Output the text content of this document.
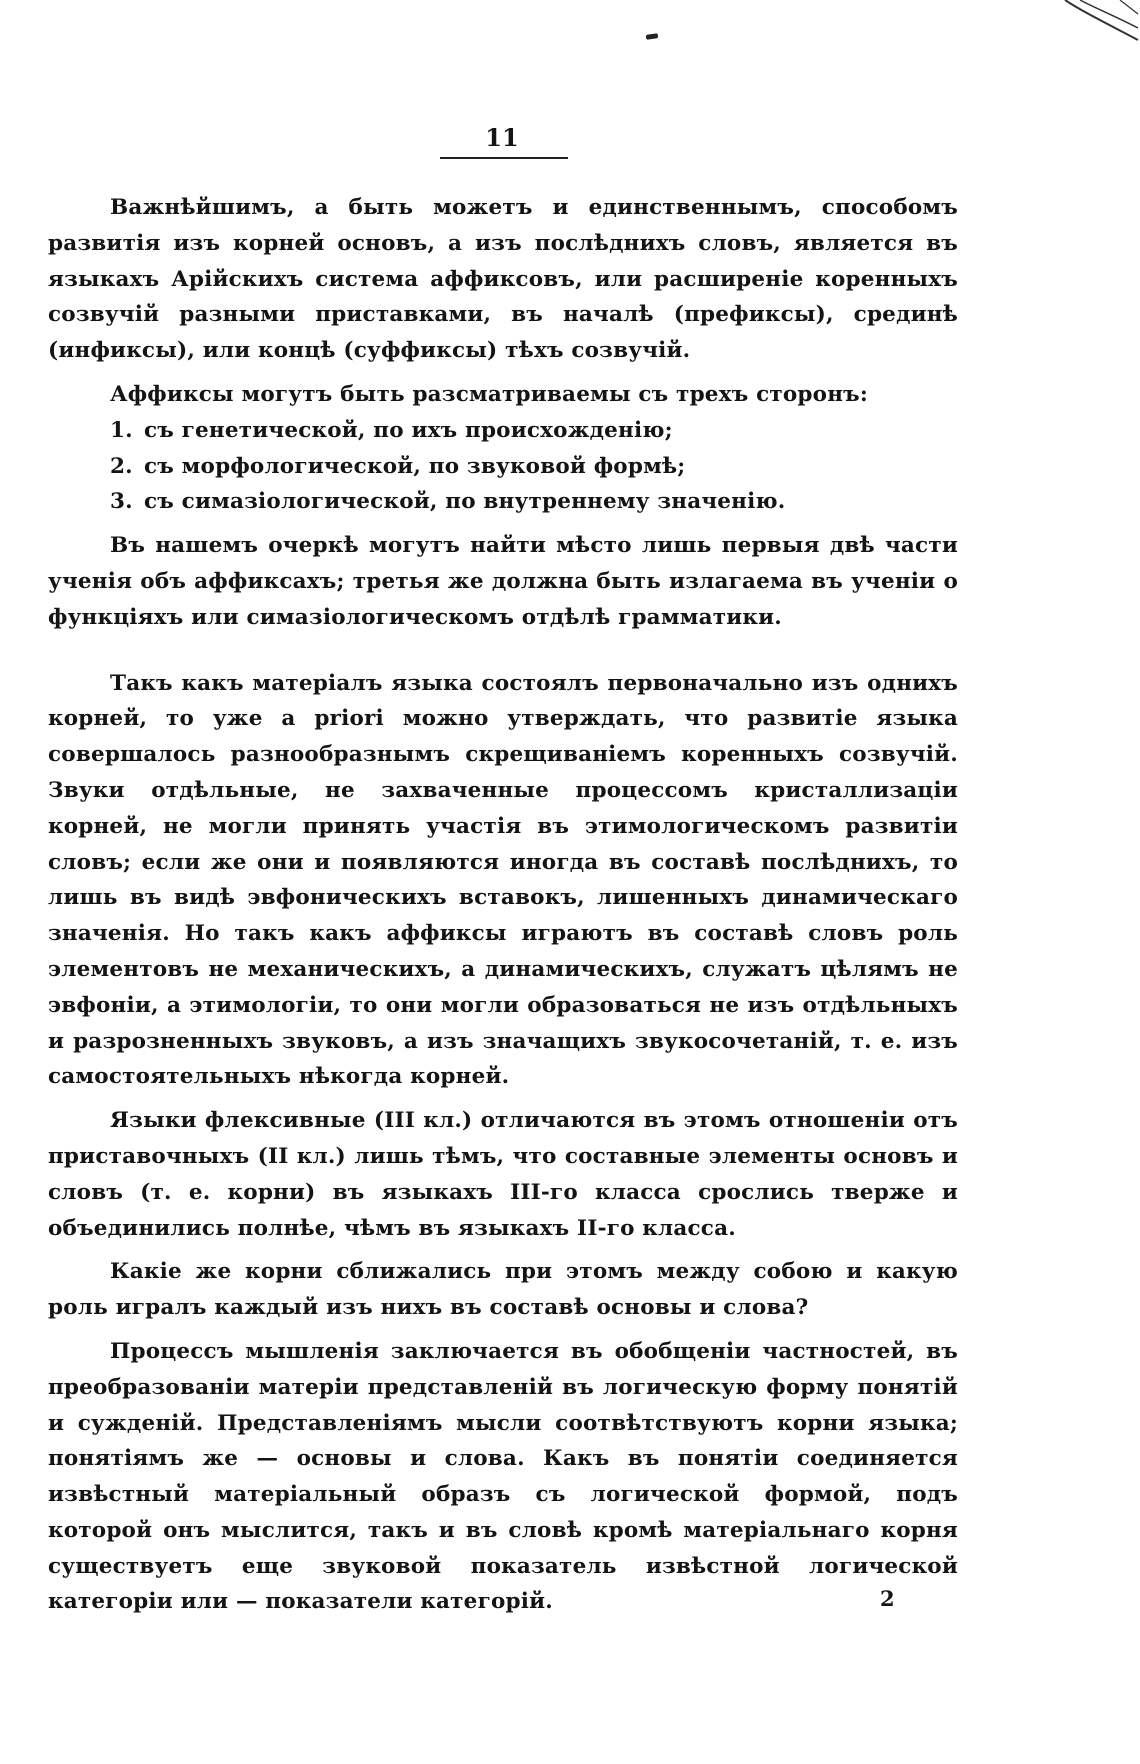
11

Важнѣйшимъ, а быть можетъ и единственнымъ, способомъ развитія изъ корней основъ, а изъ послѣднихъ словъ, является въ языкахъ Арійскихъ система аффиксовъ, или расширеніе коренныхъ созвучій разными приставками, въ началѣ (префиксы), срединѣ (инфиксы), или концѣ (суффиксы) тѣхъ созвучій.

Аффиксы могутъ быть разсматриваемы съ трехъ сторонъ:

1. съ генетической, по ихъ происхожденію;
2. съ морфологической, по звуковой формѣ;
3. съ симазіологической, по внутреннему значенію.

Въ нашемъ очеркѣ могутъ найти мѣсто лишь первыя двѣ части ученія объ аффиксахъ; третья же должна быть излагаема въ ученіи о функціяхъ или симазіологическомъ отдѣлѣ грамматики.

Такъ какъ матеріалъ языка состоялъ первоначально изъ однихъ корней, то уже a priori можно утверждать, что развитіе языка совершалось разнообразнымъ скрещиваніемъ коренныхъ созвучій. Звуки отдѣльные, не захваченные процессомъ кристаллизаціи корней, не могли принять участія въ этимологическомъ развитіи словъ; если же они и появляются иногда въ составѣ послѣднихъ, то лишь въ видѣ эвфоническихъ вставокъ, лишенныхъ динамическаго значенія. Но такъ какъ аффиксы играютъ въ составѣ словъ роль элементовъ не механическихъ, а динамическихъ, служатъ цѣлямъ не эвфоніи, а этимологіи, то они могли образоваться не изъ отдѣльныхъ и разрозненныхъ звуковъ, а изъ значащихъ звукосочетаній, т. е. изъ самостоятельныхъ нѣкогда корней.

Языки флексивные (III кл.) отличаются въ этомъ отношеніи отъ приставочныхъ (II кл.) лишь тѣмъ, что составные элементы основъ и словъ (т. е. корни) въ языкахъ III-го класса срослись тверже и объединились полнѣе, чѣмъ въ языкахъ II-го класса.

Какіе же корни сближались при этомъ между собою и какую роль игралъ каждый изъ нихъ въ составѣ основы и слова?

Процессъ мышленія заключается въ обобщеніи частностей, въ преобразованіи матеріи представленій въ логическую форму понятій и сужденій. Представленіямъ мысли соотвѣтствуютъ корни языка; понятіямъ же — основы и слова. Какъ въ понятіи соединяется извѣстный матеріальный образъ съ логической формой, подъ которой онъ мыслится, такъ и въ словѣ кромѣ матеріальнаго корня существуетъ еще звуковой показатель извѣстной логической категоріи или — показатели категорій.	2
